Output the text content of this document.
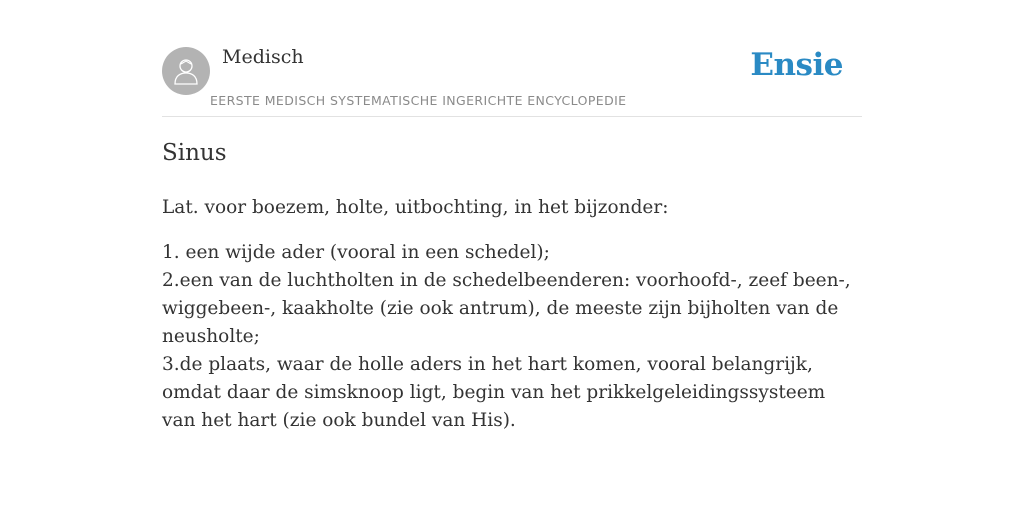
Medisch
EERSTE MEDISCH SYSTEMATISCHE INGERICHTE ENCYCLOPEDIE
Ensie
Sinus

Lat. voor boezem, holte, uitbochting, in het bijzonder:

1. een wijde ader (vooral in een schedel);
2.een van de luchtholten in de schedelbeenderen: voorhoofd-, zeef been-, wiggebeen-, kaakholte (zie ook antrum), de meeste zijn bijholten van de neusholte;
3.de plaats, waar de holle aders in het hart komen, vooral belangrijk, omdat daar de simsknoop ligt, begin van het prikkelgeleidingssysteem van het hart (zie ook bundel van His).
